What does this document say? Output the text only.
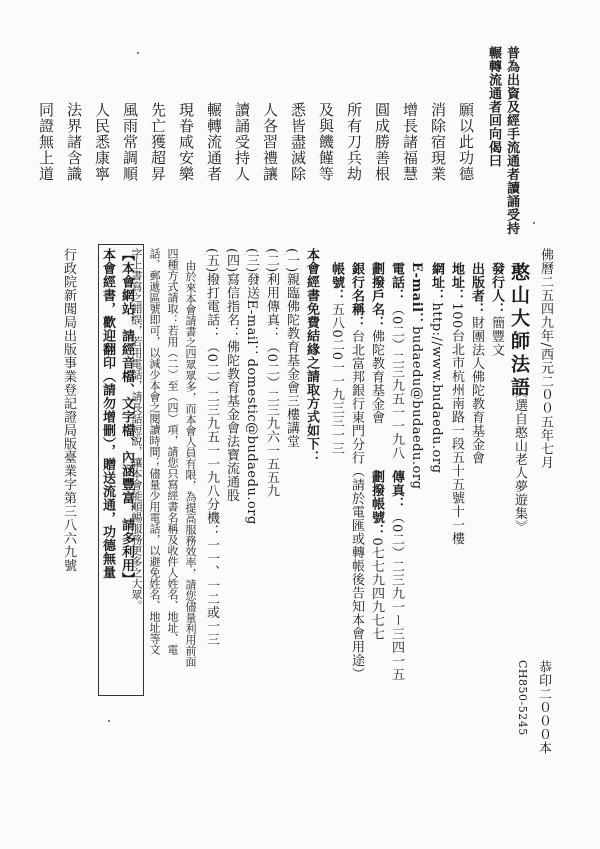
佛曆二五四九年/西元二００五年七月
憨山大師法語
《選自憨山老人夢遊集》
發行人：簡豐文
出版者：財團法人佛陀教育基金會
地址：100台北市杭州南路一段五十五號十一樓
網址：http://www.budaedu.org
E-mail：budaedu@budaedu.org
電話：（0二）二三九五一一九八
傳真：（0二）二三九一ー三四一五
劃撥戶名：佛陀教育基金會
劃撥帳號：0七七九四九七七
銀行名稱：台北富邦銀行東門分行（請於電匯或轉帳後告知本會用途）
帳號：五八0二0一一九三三一三
恭印二０００本
CH850-5245
本會經書免費結緣之請取方式如下：
(一)親臨佛陀教育基金會三樓講堂
(二)利用傳真：（0二）二三九六一五五九
(三)發送E-mail：domestic@budaedu.org
(四)寫信指名：佛陀教育基金會法寶流通股
(五)撥打電話：（0二）二三九五一一九八分機：一一、一二或一三
由於來本會請書之四眾眾多，而本會人員有限，為提高服務效率，請您儘量利用前面
四種方式請取：若用（二）至（四）項，請您只寫經書名稱及收件人姓名、地址、電
話、郵遞區號即可，以減少本會之閱讀時間；儘量少用電話，以避免姓名、地址等文
字上書寫之錯誤，若用電話，請長話短說，讓本會能順暢服務更多之大眾。
【本會網站，請經音檔、文字檔、內涵豐富，請多利用】
本會經書，歡迎翻印（請勿增刪），贈送流通，功德無量
行政院新聞局出版事業登記證局版臺業字第三八六九號
普為出資及經手流通者讀誦受持
輾轉流通者回向偈曰
願以此功德
消除宿現業
增長諸福慧
圓成勝善根
所有刀兵劫
及與饑饉等
悉皆盡滅除
人各習禮讓
讀誦受持人
輾轉流通者
現眷咸安樂
先亡獲超昇
風雨常調順
人民悉康寧
法界諸含識
同證無上道
